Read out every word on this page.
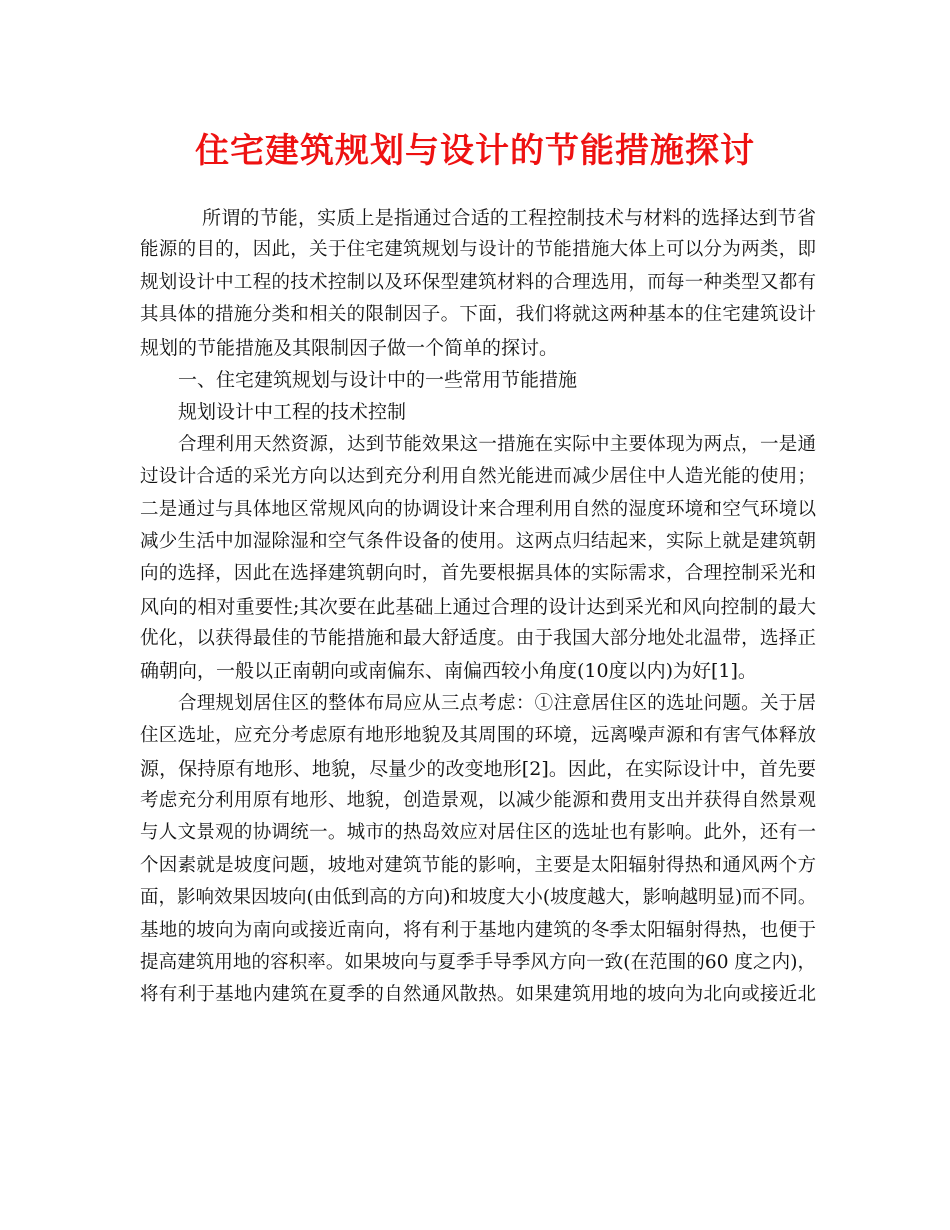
住宅建筑规划与设计的节能措施探讨
所谓的节能，实质上是指通过合适的工程控制技术与材料的选择达到节省
能源的目的，因此，关于住宅建筑规划与设计的节能措施大体上可以分为两类，即
规划设计中工程的技术控制以及环保型建筑材料的合理选用，而每一种类型又都有
其具体的措施分类和相关的限制因子。下面，我们将就这两种基本的住宅建筑设计
规划的节能措施及其限制因子做一个简单的探讨。
一、住宅建筑规划与设计中的一些常用节能措施
规划设计中工程的技术控制
合理利用天然资源，达到节能效果这一措施在实际中主要体现为两点，一是通
过设计合适的采光方向以达到充分利用自然光能进而减少居住中人造光能的使用；
二是通过与具体地区常规风向的协调设计来合理利用自然的湿度环境和空气环境以
减少生活中加湿除湿和空气条件设备的使用。这两点归结起来，实际上就是建筑朝
向的选择，因此在选择建筑朝向时，首先要根据具体的实际需求，合理控制采光和
风向的相对重要性;其次要在此基础上通过合理的设计达到采光和风向控制的最大
优化，以获得最佳的节能措施和最大舒适度。由于我国大部分地处北温带，选择正
确朝向，一般以正南朝向或南偏东、南偏西较小角度(10度以内)为好[1]。
合理规划居住区的整体布局应从三点考虑：①注意居住区的选址问题。关于居
住区选址，应充分考虑原有地形地貌及其周围的环境，远离噪声源和有害气体释放
源，保持原有地形、地貌，尽量少的改变地形[2]。因此，在实际设计中，首先要
考虑充分利用原有地形、地貌，创造景观，以减少能源和费用支出并获得自然景观
与人文景观的协调统一。城市的热岛效应对居住区的选址也有影响。此外，还有一
个因素就是坡度问题，坡地对建筑节能的影响，主要是太阳辐射得热和通风两个方
面，影响效果因坡向(由低到高的方向)和坡度大小(坡度越大，影响越明显)而不同。
基地的坡向为南向或接近南向，将有利于基地内建筑的冬季太阳辐射得热，也便于
提高建筑用地的容积率。如果坡向与夏季手导季风方向一致(在范围的60 度之内)，
将有利于基地内建筑在夏季的自然通风散热。如果建筑用地的坡向为北向或接近北
